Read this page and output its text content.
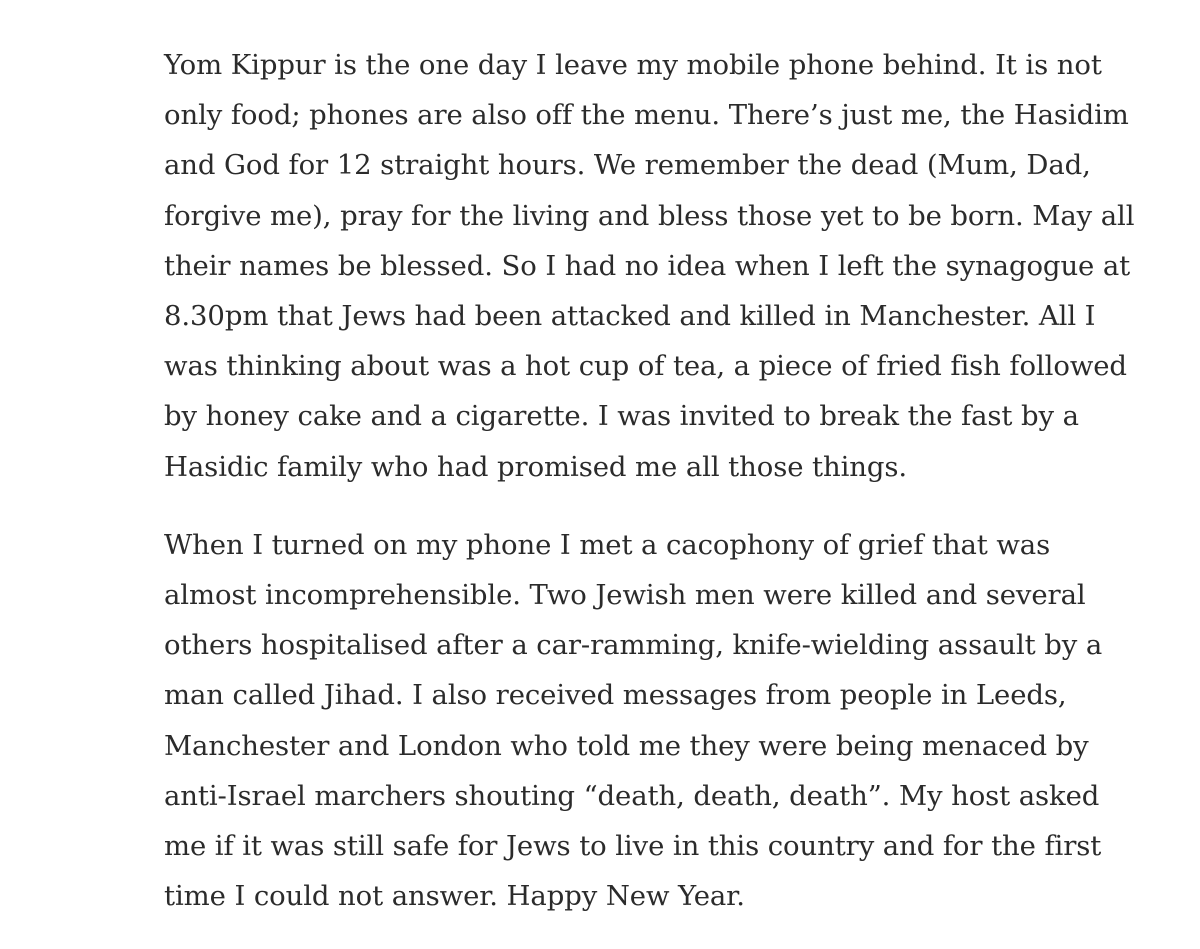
Yom Kippur is the one day I leave my mobile phone behind. It is not
only food; phones are also off the menu. There’s just me, the Hasidim
and God for 12 straight hours. We remember the dead (Mum, Dad,
forgive me), pray for the living and bless those yet to be born. May all
their names be blessed. So I had no idea when I left the synagogue at
8.30pm that Jews had been attacked and killed in Manchester. All I
was thinking about was a hot cup of tea, a piece of fried fish followed
by honey cake and a cigarette. I was invited to break the fast by a
Hasidic family who had promised me all those things.

When I turned on my phone I met a cacophony of grief that was
almost incomprehensible. Two Jewish men were killed and several
others hospitalised after a car-ramming, knife-wielding assault by a
man called Jihad. I also received messages from people in Leeds,
Manchester and London who told me they were being menaced by
anti-Israel marchers shouting “death, death, death”. My host asked
me if it was still safe for Jews to live in this country and for the first
time I could not answer. Happy New Year.
